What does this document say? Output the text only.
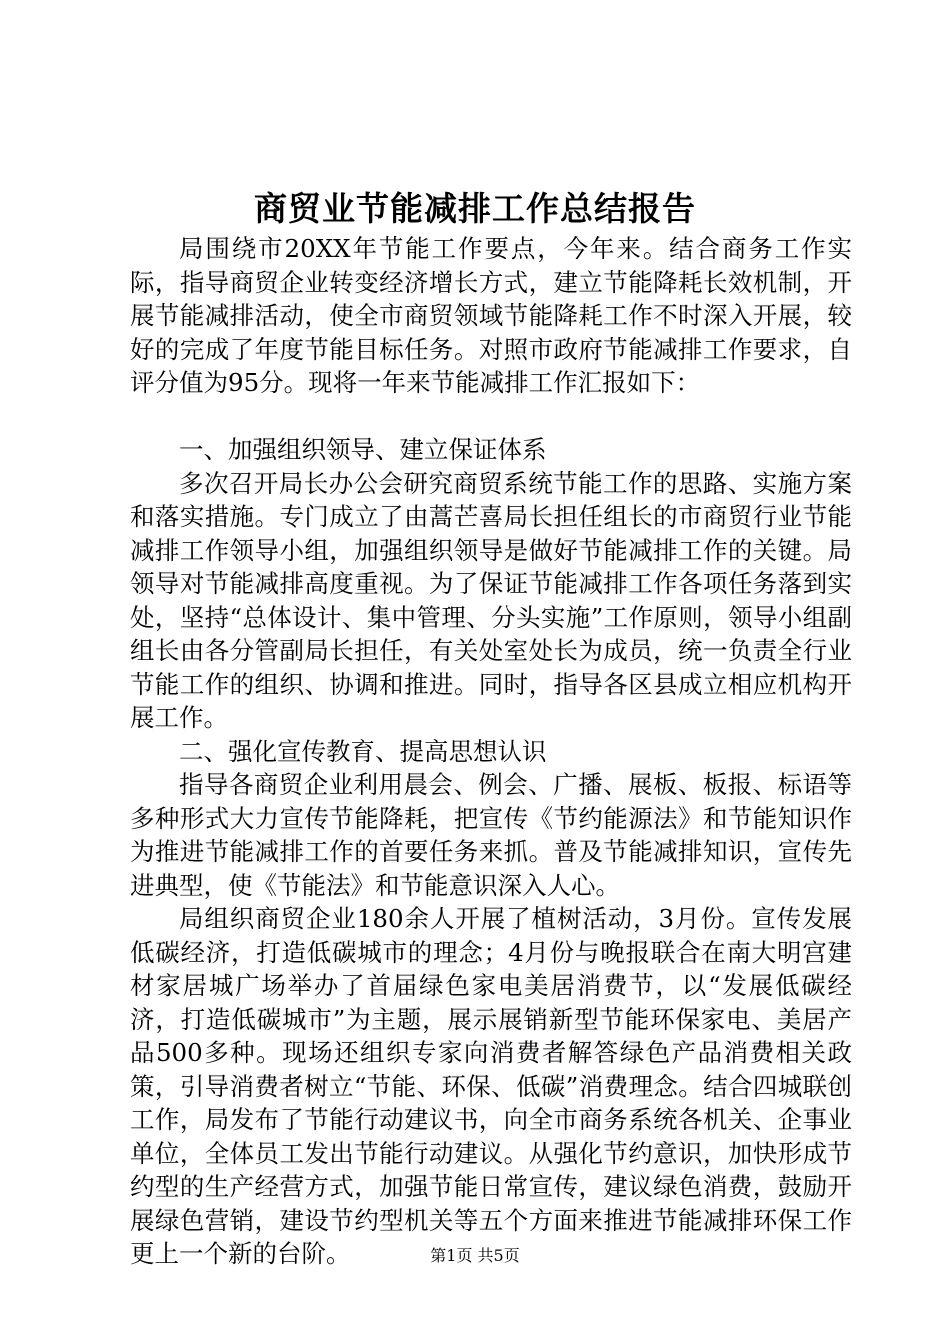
商贸业节能减排工作总结报告

局围绕市20XX年节能工作要点，今年来。结合商务工作实际，指导商贸企业转变经济增长方式，建立节能降耗长效机制，开展节能减排活动，使全市商贸领域节能降耗工作不时深入开展，较好的完成了年度节能目标任务。对照市政府节能减排工作要求，自评分值为95分。现将一年来节能减排工作汇报如下：

一、加强组织领导、建立保证体系

多次召开局长办公会研究商贸系统节能工作的思路、实施方案和落实措施。专门成立了由蒿芒喜局长担任组长的市商贸行业节能减排工作领导小组，加强组织领导是做好节能减排工作的关键。局领导对节能减排高度重视。为了保证节能减排工作各项任务落到实处，坚持“总体设计、集中管理、分头实施”工作原则，领导小组副组长由各分管副局长担任，有关处室处长为成员，统一负责全行业节能工作的组织、协调和推进。同时，指导各区县成立相应机构开展工作。

二、强化宣传教育、提高思想认识

指导各商贸企业利用晨会、例会、广播、展板、板报、标语等多种形式大力宣传节能降耗，把宣传《节约能源法》和节能知识作为推进节能减排工作的首要任务来抓。普及节能减排知识，宣传先进典型，使《节能法》和节能意识深入人心。

局组织商贸企业180余人开展了植树活动，3月份。宣传发展低碳经济，打造低碳城市的理念；4月份与晚报联合在南大明宫建材家居城广场举办了首届绿色家电美居消费节，以“发展低碳经济，打造低碳城市”为主题，展示展销新型节能环保家电、美居产品500多种。现场还组织专家向消费者解答绿色产品消费相关政策，引导消费者树立“节能、环保、低碳”消费理念。结合四城联创工作，局发布了节能行动建议书，向全市商务系统各机关、企事业单位，全体员工发出节能行动建议。从强化节约意识，加快形成节约型的生产经营方式，加强节能日常宣传，建议绿色消费，鼓励开展绿色营销，建设节约型机关等五个方面来推进节能减排环保工作更上一个新的台阶。	第1页 共5页
